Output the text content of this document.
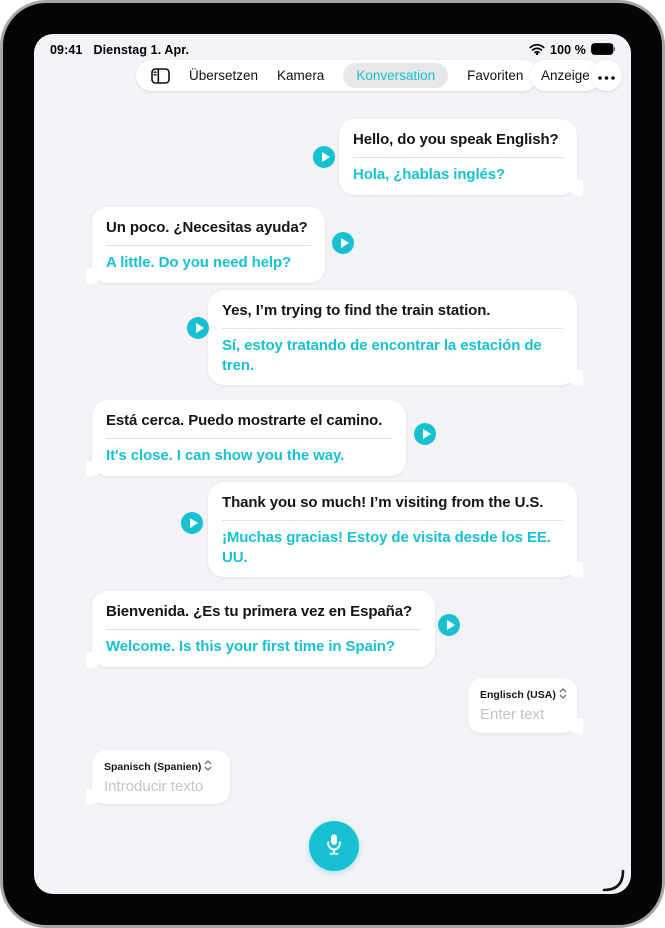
09:41 Dienstag 1. Apr.	100 %
Übersetzen Kamera	Konversation	Favoriten	Anzeige
Hello, do you speak English?
Hola, ¿hablas inglés?
Un poco. ¿Necesitas ayuda?
A little. Do you need help?
Yes, I’m trying to find the train station.
Sí, estoy tratando de encontrar la estación de tren.
Está cerca. Puedo mostrarte el camino.
It's close. I can show you the way.
Thank you so much! I’m visiting from the U.S.
¡Muchas gracias! Estoy de visita desde los EE. UU.
Bienvenida. ¿Es tu primera vez en España?
Welcome. Is this your first time in Spain?
Englisch (USA)
Enter text
Spanisch (Spanien)
Introducir texto
